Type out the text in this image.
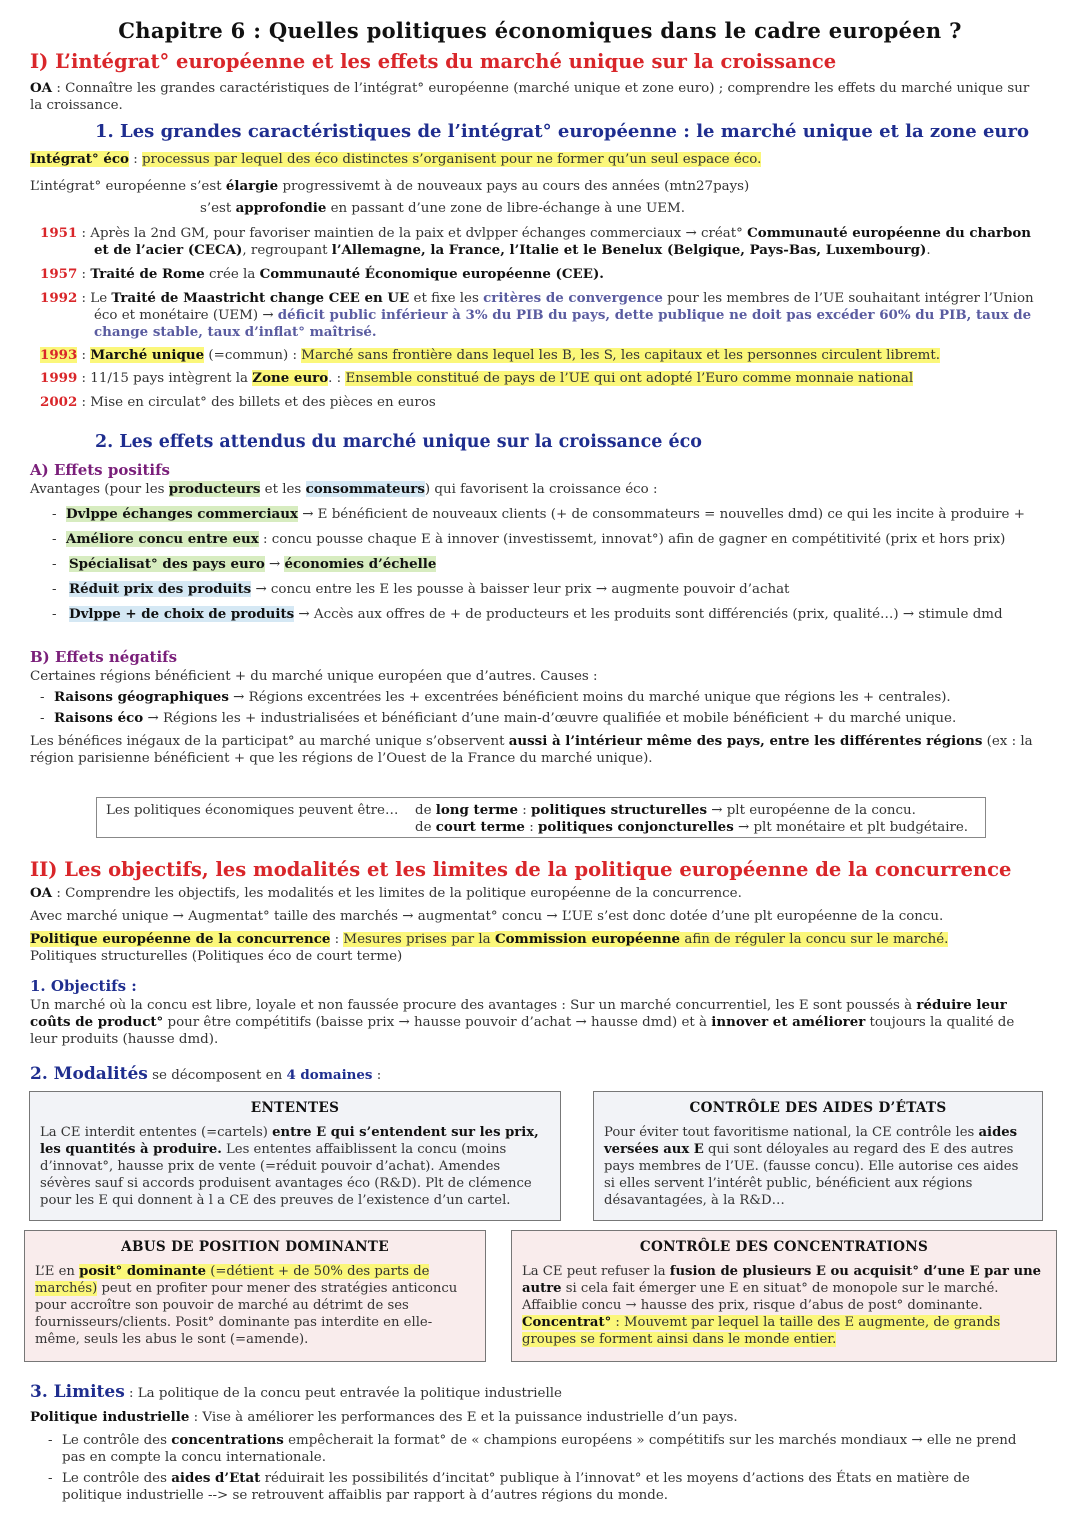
Chapitre 6 : Quelles politiques économiques dans le cadre européen ?
I) L’intégrat° européenne et les effets du marché unique sur la croissance
OA : Connaître les grandes caractéristiques de l’intégrat° européenne (marché unique et zone euro) ; comprendre les effets du marché unique sur la croissance.
1. Les grandes caractéristiques de l’intégrat° européenne : le marché unique et la zone euro
Intégrat° éco : processus par lequel des éco distinctes s’organisent pour ne former qu’un seul espace éco.
L’intégrat° européenne s’est élargie progressivemt à de nouveaux pays au cours des années (mtn27pays)
s’est approfondie en passant d’une zone de libre-échange à une UEM.
1951 : Après la 2nd GM, pour favoriser maintien de la paix et dvlpper échanges commerciaux → créat° Communauté européenne du charbon et de l’acier (CECA), regroupant l’Allemagne, la France, l’Italie et le Benelux (Belgique, Pays-Bas, Luxembourg).
1957 : Traité de Rome crée la Communauté Économique européenne (CEE).
1992 : Le Traité de Maastricht change CEE en UE et fixe les critères de convergence pour les membres de l’UE souhaitant intégrer l’Union éco et monétaire (UEM) → déficit public inférieur à 3% du PIB du pays, dette publique ne doit pas excéder 60% du PIB, taux de change stable, taux d’inflat° maîtrisé.
1993 : Marché unique (=commun) : Marché sans frontière dans lequel les B, les S, les capitaux et les personnes circulent libremt.
1999 : 11/15 pays intègrent la Zone euro. : Ensemble constitué de pays de l’UE qui ont adopté l’Euro comme monnaie national
2002 : Mise en circulat° des billets et des pièces en euros
2. Les effets attendus du marché unique sur la croissance éco
A) Effets positifs
Avantages (pour les producteurs et les consommateurs) qui favorisent la croissance éco :
- Dvlppe échanges commerciaux → E bénéficient de nouveaux clients (+ de consommateurs = nouvelles dmd) ce qui les incite à produire +
- Améliore concu entre eux : concu pousse chaque E à innover (investissemt, innovat°) afin de gagner en compétitivité (prix et hors prix)
- Spécialisat° des pays euro → économies d’échelle
- Réduit prix des produits → concu entre les E les pousse à baisser leur prix → augmente pouvoir d’achat
- Dvlppe + de choix de produits → Accès aux offres de + de producteurs et les produits sont différenciés (prix, qualité…) → stimule dmd
B) Effets négatifs
Certaines régions bénéficient + du marché unique européen que d’autres. Causes :
- Raisons géographiques → Régions excentrées les + excentrées bénéficient moins du marché unique que régions les + centrales).
- Raisons éco → Régions les + industrialisées et bénéficiant d’une main-d’œuvre qualifiée et mobile bénéficient + du marché unique.
Les bénéfices inégaux de la participat° au marché unique s’observent aussi à l’intérieur même des pays, entre les différentes régions (ex : la région parisienne bénéficient + que les régions de l’Ouest de la France du marché unique).
Les politiques économiques peuvent être… de long terme : politiques structurelles → plt européenne de la concu.
de court terme : politiques conjoncturelles → plt monétaire et plt budgétaire.
II) Les objectifs, les modalités et les limites de la politique européenne de la concurrence
OA : Comprendre les objectifs, les modalités et les limites de la politique européenne de la concurrence.
Avec marché unique → Augmentat° taille des marchés → augmentat° concu → L’UE s’est donc dotée d’une plt européenne de la concu.
Politique européenne de la concurrence : Mesures prises par la Commission européenne afin de réguler la concu sur le marché.
Politiques structurelles (Politiques éco de court terme)
1. Objectifs :
Un marché où la concu est libre, loyale et non faussée procure des avantages : Sur un marché concurrentiel, les E sont poussés à réduire leur coûts de product° pour être compétitifs (baisse prix → hausse pouvoir d’achat → hausse dmd) et à innover et améliorer toujours la qualité de leur produits (hausse dmd).
2. Modalités se décomposent en 4 domaines :
ENTENTES
La CE interdit ententes (=cartels) entre E qui s’entendent sur les prix, les quantités à produire. Les ententes affaiblissent la concu (moins d’innovat°, hausse prix de vente (=réduit pouvoir d’achat). Amendes sévères sauf si accords produisent avantages éco (R&D). Plt de clémence pour les E qui donnent à l a CE des preuves de l’existence d’un cartel.
CONTRÔLE DES AIDES D’ÉTATS
Pour éviter tout favoritisme national, la CE contrôle les aides versées aux E qui sont déloyales au regard des E des autres pays membres de l’UE. (fausse concu). Elle autorise ces aides si elles servent l’intérêt public, bénéficient aux régions désavantagées, à la R&D…
ABUS DE POSITION DOMINANTE
L’E en posit° dominante (=détient + de 50% des parts de marchés) peut en profiter pour mener des stratégies anticoncu pour accroître son pouvoir de marché au détrimt de ses fournisseurs/clients. Posit° dominante pas interdite en elle-même, seuls les abus le sont (=amende).
CONTRÔLE DES CONCENTRATIONS
La CE peut refuser la fusion de plusieurs E ou acquisit° d’une E par une autre si cela fait émerger une E en situat° de monopole sur le marché. Affaiblie concu → hausse des prix, risque d’abus de post° dominante.
Concentrat° : Mouvemt par lequel la taille des E augmente, de grands groupes se forment ainsi dans le monde entier.
3. Limites : La politique de la concu peut entravée la politique industrielle
Politique industrielle : Vise à améliorer les performances des E et la puissance industrielle d’un pays.
- Le contrôle des concentrations empêcherait la format° de « champions européens » compétitifs sur les marchés mondiaux → elle ne prend pas en compte la concu internationale.
- Le contrôle des aides d’Etat réduirait les possibilités d’incitat° publique à l’innovat° et les moyens d’actions des États en matière de politique industrielle --> se retrouvent affaiblis par rapport à d’autres régions du monde.
